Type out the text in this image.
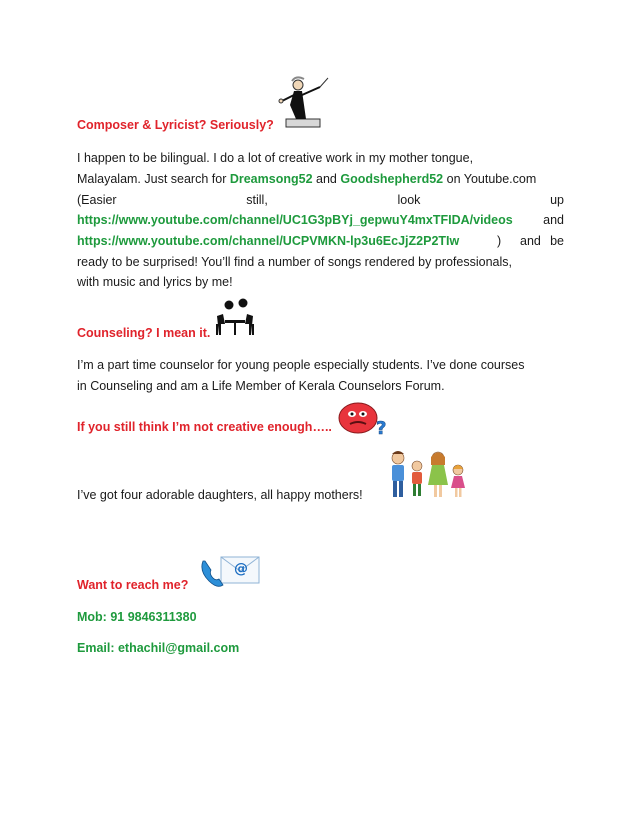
Composer & Lyricist? Seriously?
I happen to be bilingual. I do a lot of creative work in my mother tongue,
Malayalam. Just search for Dreamsong52 and Goodshepherd52 on Youtube.com
(Easier	still,	look	up
https://www.youtube.com/channel/UC1G3pBYj_gepwuY4mxTFIDA/videos and
https://www.youtube.com/channel/UCPVMKN-lp3u6EcJjZ2P2TIw	) and be
ready to be surprised! You’ll find a number of songs rendered by professionals,
with music and lyrics by me!
Counseling? I mean it.
I’m a part time counselor for young people especially students. I’ve done courses
in Counseling and am a Life Member of Kerala Counselors Forum.
If you still think I’m not creative enough….. ?
I’ve got four adorable daughters, all happy mothers!
@
Want to reach me?
Mob: 91 9846311380
Email: ethachil@gmail.com
